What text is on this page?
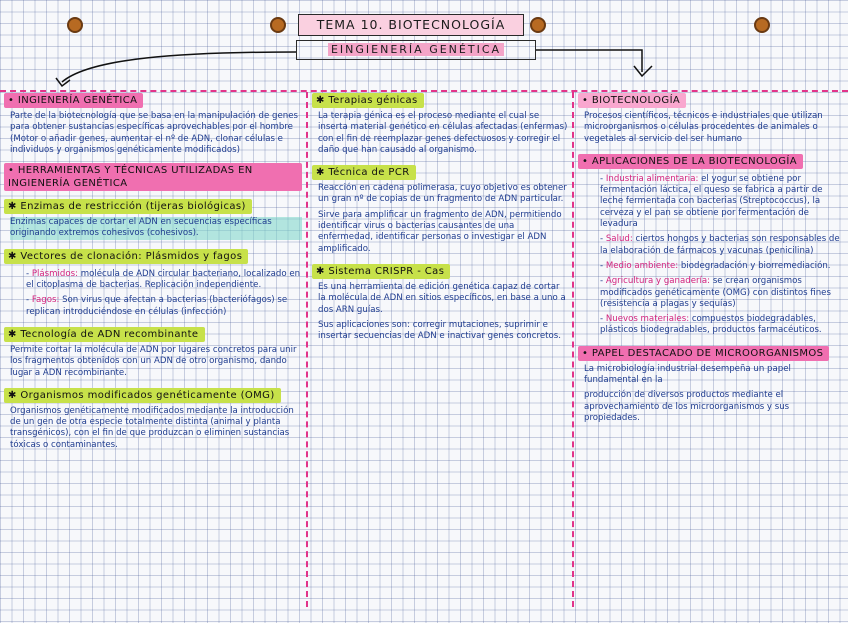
TEMA 10. BIOTECNOLOGÍA
EINGIENERÍA GENÉTICA
• INGIENERÍA GENÉTICA
Parte de la biotecnología que se basa en la manipulación de genes para obtener sustancias específicas aprovechables por el hombre (Motor o añadir genes, aumentar el nº de ADN, clonar células e individuos y organismos genéticamente modificados)
• HERRAMIENTAS Y TÉCNICAS UTILIZADAS EN INGIENERÍA GENÉTICA
✱ Enzimas de restricción (tijeras biológicas)
Enzimas capaces de cortar el ADN en secuencias específicas originando extremos cohesivos (cohesivos).
✱ Vectores de clonación: Plásmidos y fagos
- Plásmidos: molécula de ADN circular bacteriano, localizado en el citoplasma de bacterias. Replicación independiente.
- Fagos: Son virus que afectan a bacterias (bacteriófagos) se replican introduciéndose en células (infección)
✱ Tecnología de ADN recombinante
Permite cortar la molécula de ADN por lugares concretos para unir los fragmentos obtenidos con un ADN de otro organismo, dando lugar a ADN recombinante.
✱ Organismos modificados genéticamente (OMG)
Organismos genéticamente modificados mediante la introducción de un gen de otra especie totalmente distinta (animal y planta transgénicos), con el fin de que produzcan o eliminen sustancias tóxicas o contaminantes.
✱ Terapias génicas
La terapia génica es el proceso mediante el cual se inserta material genético en células afectadas (enfermas) con el fin de reemplazar genes defectuosos y corregir el daño que han causado al organismo.
✱ Técnica de PCR
Reacción en cadena polimerasa, cuyo objetivo es obtener un gran nº de copias de un fragmento de ADN particular.
Sirve para amplificar un fragmento de ADN, permitiendo identificar virus o bacterias causantes de una enfermedad, identificar personas o investigar el ADN amplificado.
✱ Sistema CRISPR - Cas
Es una herramienta de edición genética capaz de cortar la molécula de ADN en sitios específicos, en base a uno a dos ARN guías.
Sus aplicaciones son: corregir mutaciones, suprimir e insertar secuencias de ADN e inactivar genes concretos.
• BIOTECNOLOGÍA
Procesos científicos, técnicos e industriales que utilizan microorganismos o células procedentes de animales o vegetales al servicio del ser humano
• APLICACIONES DE LA BIOTECNOLOGÍA
- Industria alimentaria: el yogur se obtiene por fermentación láctica, el queso se fabrica a partir de leche fermentada con bacterias (Streptococcus), la cerveza y el pan se obtiene por fermentación de levadura
- Salud: ciertos hongos y bacterias son responsables de la elaboración de fármacos y vacunas (penicilina)
- Medio ambiente: biodegradación y biorremediación.
- Agricultura y ganadería: se crean organismos modificados genéticamente (OMG) con distintos fines (resistencia a plagas y sequías)
- Nuevos materiales: compuestos biodegradables, plásticos biodegradables, productos farmacéuticos.
• PAPEL DESTACADO DE MICROORGANISMOS
La microbiología industrial desempeña un papel fundamental en la
producción de diversos productos mediante el aprovechamiento de los microorganismos y sus propiedades.
